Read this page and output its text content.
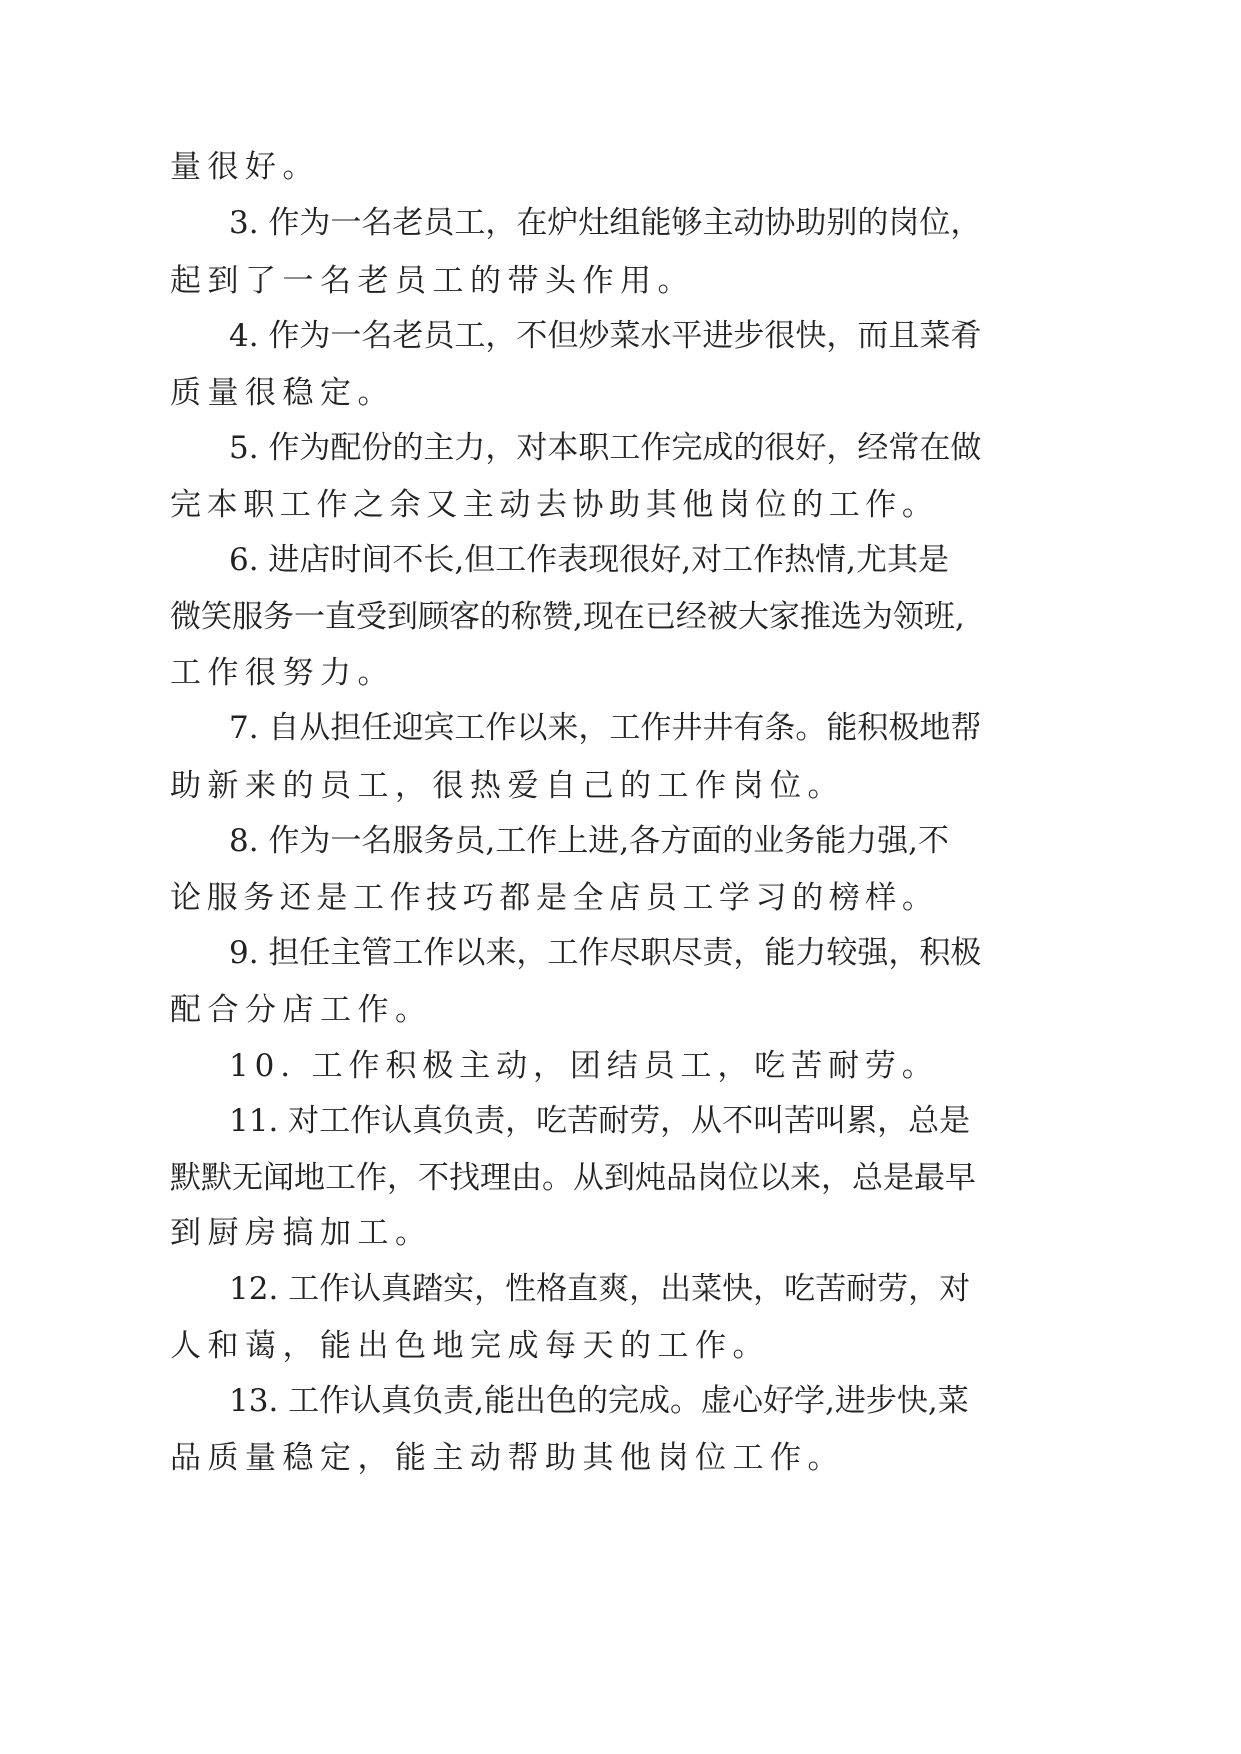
量很好。

3. 作为一名老员工，在炉灶组能够主动协助别的岗位，

起到了一名老员工的带头作用。

4. 作为一名老员工，不但炒菜水平进步很快，而且菜肴

质量很稳定。

5. 作为配份的主力，对本职工作完成的很好，经常在做

完本职工作之余又主动去协助其他岗位的工作。

6. 进店时间不长,但工作表现很好,对工作热情,尤其是

微笑服务一直受到顾客的称赞,现在已经被大家推选为领班,

工作很努力。

7. 自从担任迎宾工作以来，工作井井有条。能积极地帮

助新来的员工，很热爱自己的工作岗位。

8. 作为一名服务员,工作上进,各方面的业务能力强,不

论服务还是工作技巧都是全店员工学习的榜样。

9. 担任主管工作以来，工作尽职尽责，能力较强，积极

配合分店工作。

10. 工作积极主动，团结员工，吃苦耐劳。

11. 对工作认真负责，吃苦耐劳，从不叫苦叫累，总是

默默无闻地工作，不找理由。从到炖品岗位以来，总是最早

到厨房搞加工。

12. 工作认真踏实，性格直爽，出菜快，吃苦耐劳，对

人和蔼，能出色地完成每天的工作。

13. 工作认真负责,能出色的完成。虚心好学,进步快,菜

品质量稳定，能主动帮助其他岗位工作。
